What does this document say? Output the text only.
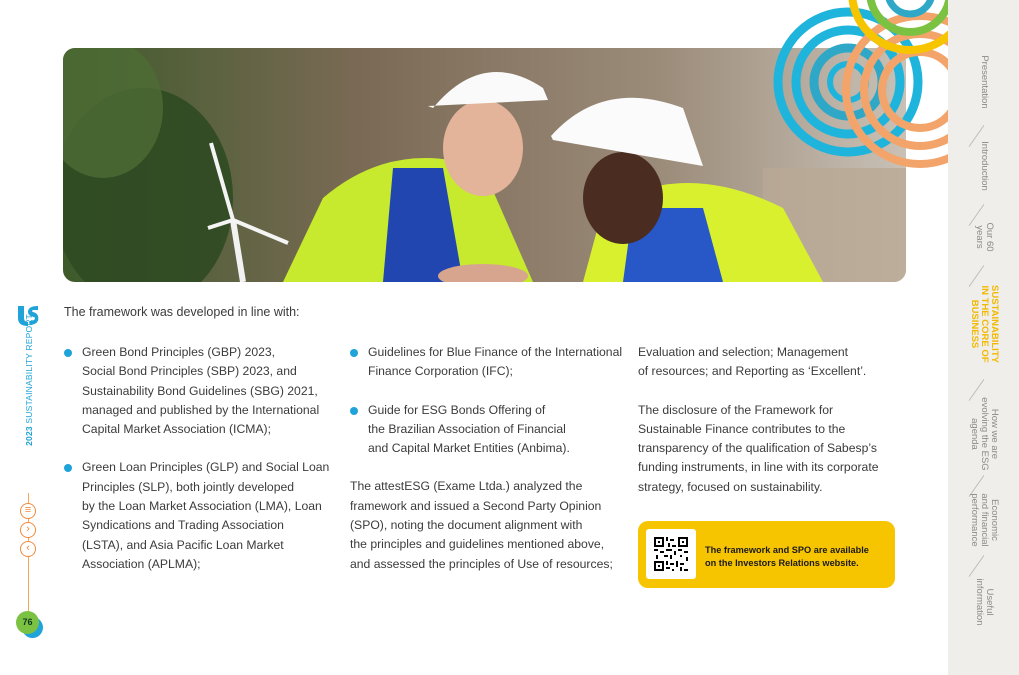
2023 SUSTAINABILITY REPORT
≡
›
‹
76
The framework was developed in line with:

Green Bond Principles (GBP) 2023,
Social Bond Principles (SBP) 2023, and
Sustainability Bond Guidelines (SBG) 2021,
managed and published by the International
Capital Market Association (ICMA);

Green Loan Principles (GLP) and Social Loan
Principles (SLP), both jointly developed
by the Loan Market Association (LMA), Loan
Syndications and Trading Association
(LSTA), and Asia Pacific Loan Market
Association (APLMA);

Guidelines for Blue Finance of the International
Finance Corporation (IFC);

Guide for ESG Bonds Offering of
the Brazilian Association of Financial
and Capital Market Entities (Anbima).

The attestESG (Exame Ltda.) analyzed the
framework and issued a Second Party Opinion
(SPO), noting the document alignment with
the principles and guidelines mentioned above,
and assessed the principles of Use of resources;

Evaluation and selection; Management
of resources; and Reporting as ‘Excellent’.

The disclosure of the Framework for
Sustainable Finance contributes to the
transparency of the qualification of Sabesp’s
funding instruments, in line with its corporate
strategy, focused on sustainability.

The framework and SPO are available
on the Investors Relations website.
Presentation
Introduction
Our 60
years
SUSTAINABILITY
IN THE CORE OF
BUSINESS
How we are
evolving the ESG
agenda
Economic
and financial
performance
Useful
information
